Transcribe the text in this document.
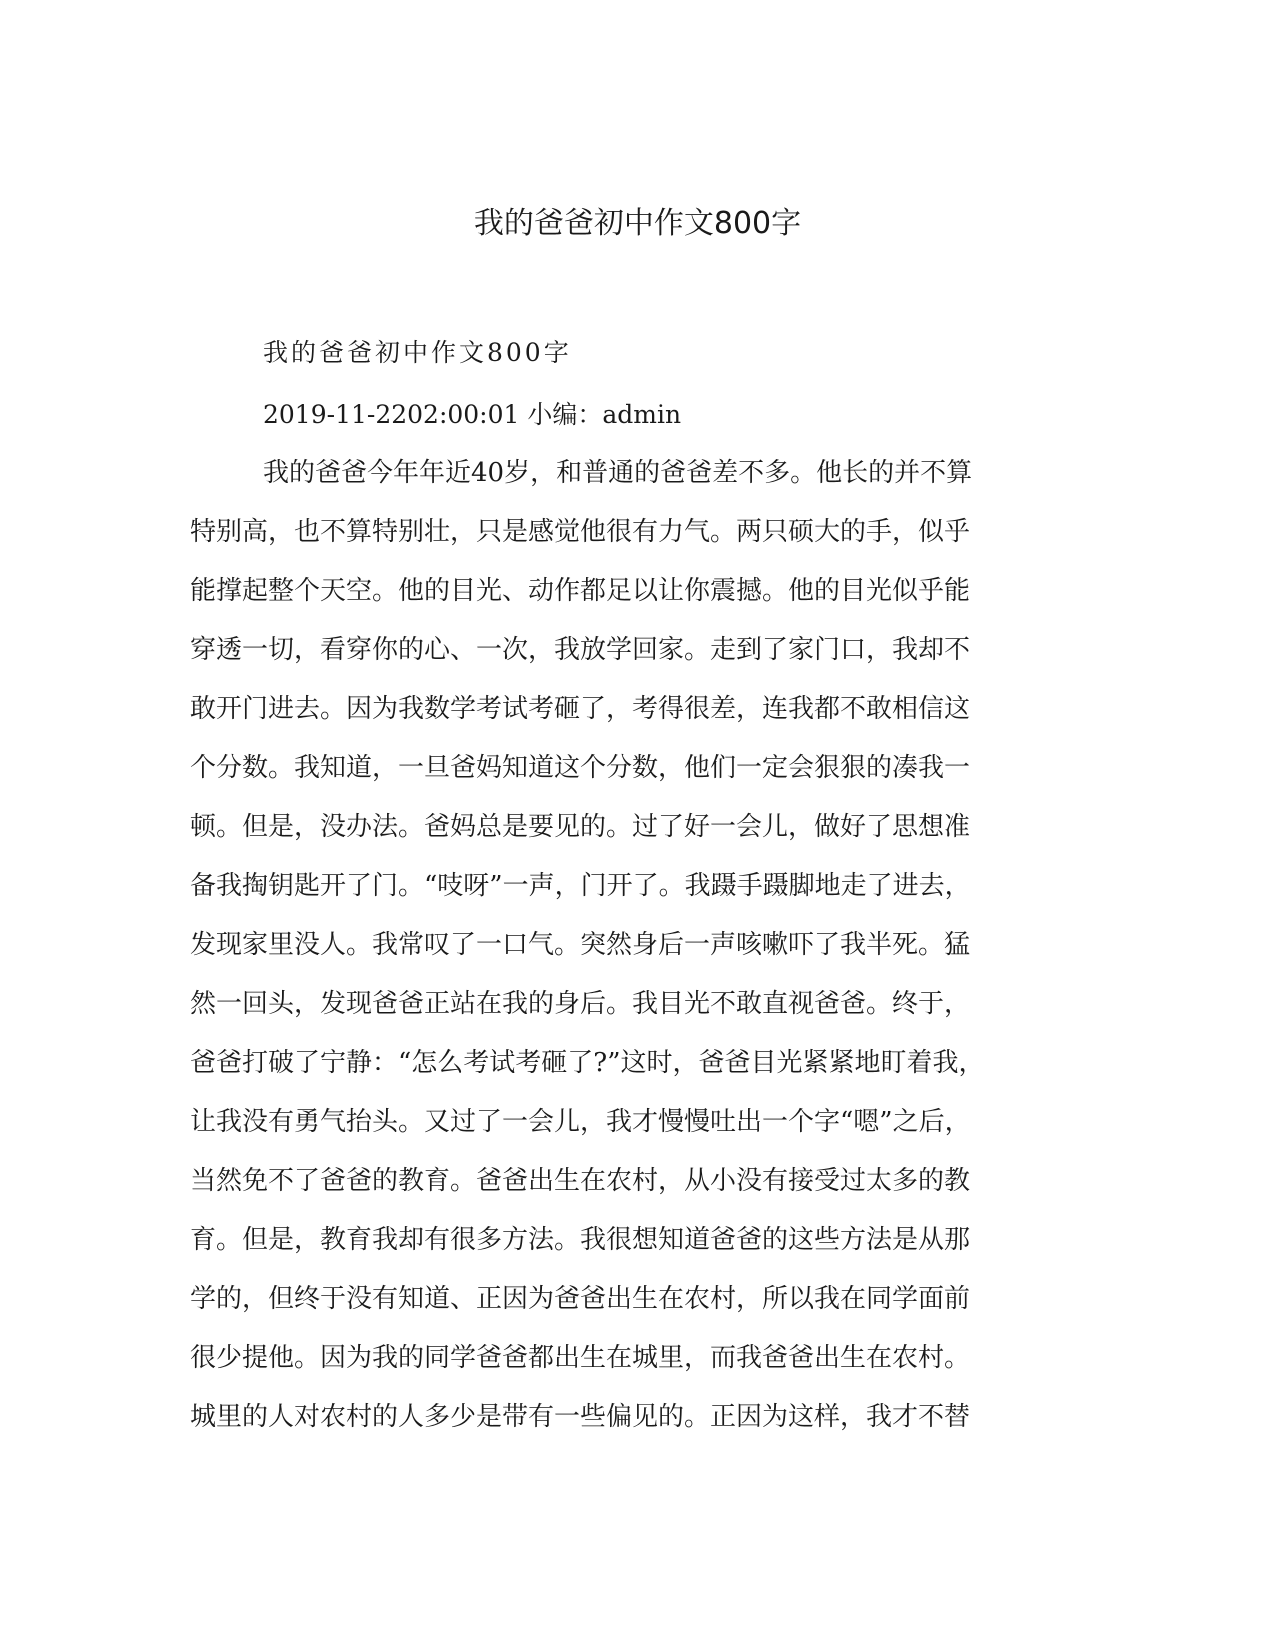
我的爸爸初中作文800字

我的爸爸初中作文800字

2019-11-2202:00:01 小编：admin

我的爸爸今年年近40岁，和普通的爸爸差不多。他长的并不算

特别高，也不算特别壮，只是感觉他很有力气。两只硕大的手，似乎

能撑起整个天空。他的目光、动作都足以让你震撼。他的目光似乎能

穿透一切，看穿你的心、一次，我放学回家。走到了家门口，我却不

敢开门进去。因为我数学考试考砸了，考得很差，连我都不敢相信这

个分数。我知道，一旦爸妈知道这个分数，他们一定会狠狠的凑我一

顿。但是，没办法。爸妈总是要见的。过了好一会儿，做好了思想准

备我掏钥匙开了门。“吱呀”一声，门开了。我蹑手蹑脚地走了进去，

发现家里没人。我常叹了一口气。突然身后一声咳嗽吓了我半死。猛

然一回头，发现爸爸正站在我的身后。我目光不敢直视爸爸。终于，

爸爸打破了宁静：“怎么考试考砸了?”这时，爸爸目光紧紧地盯着我，

让我没有勇气抬头。又过了一会儿，我才慢慢吐出一个字“嗯”之后，

当然免不了爸爸的教育。爸爸出生在农村，从小没有接受过太多的教

育。但是，教育我却有很多方法。我很想知道爸爸的这些方法是从那

学的，但终于没有知道、正因为爸爸出生在农村，所以我在同学面前

很少提他。因为我的同学爸爸都出生在城里，而我爸爸出生在农村。

城里的人对农村的人多少是带有一些偏见的。正因为这样，我才不替
